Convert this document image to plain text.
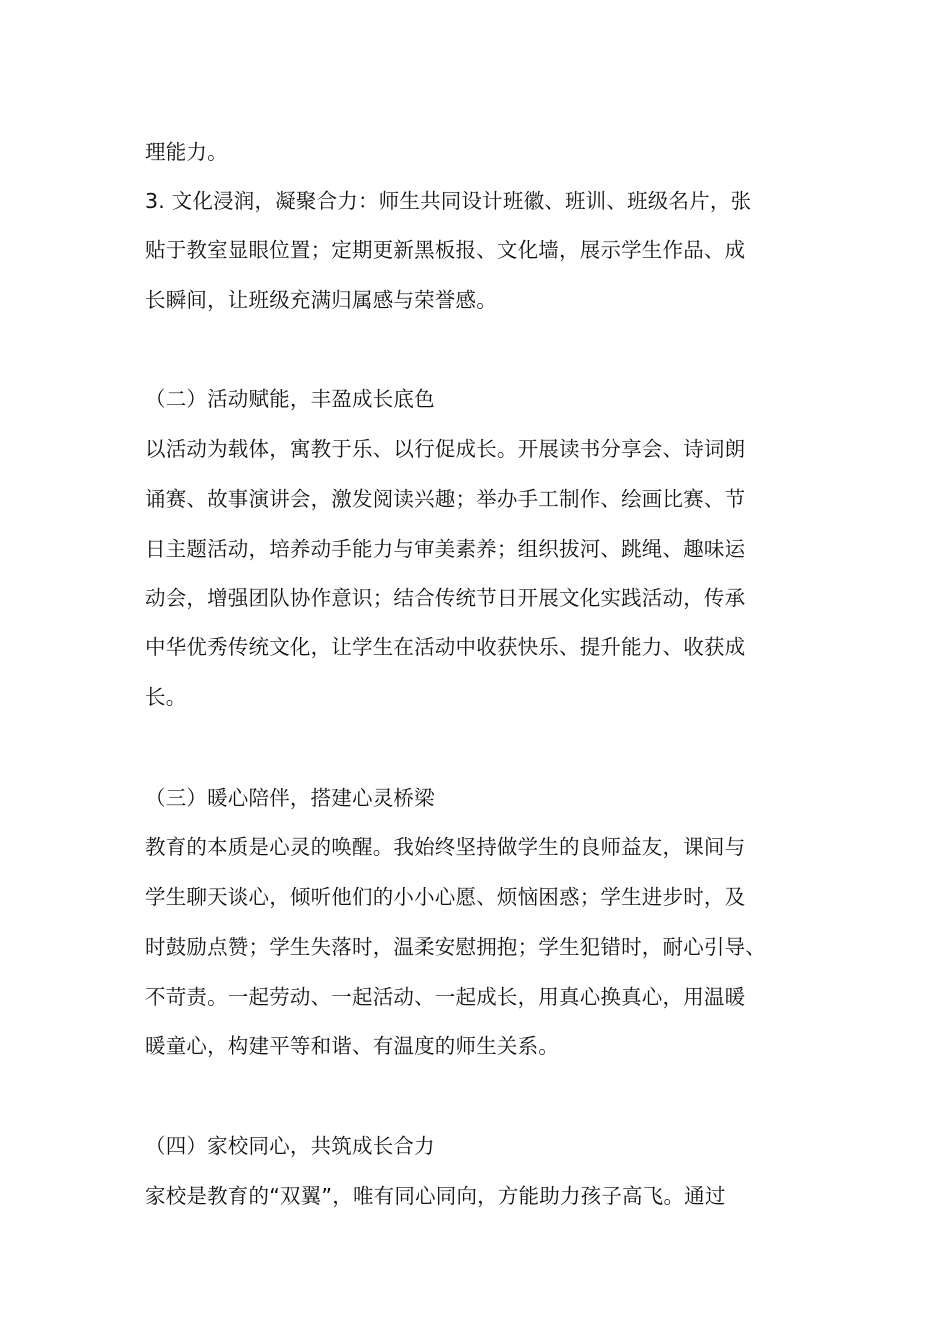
理能力。
3. 文化浸润，凝聚合力：师生共同设计班徽、班训、班级名片，张
贴于教室显眼位置；定期更新黑板报、文化墙，展示学生作品、成
长瞬间，让班级充满归属感与荣誉感。
（二）活动赋能，丰盈成长底色
以活动为载体，寓教于乐、以行促成长。开展读书分享会、诗词朗
诵赛、故事演讲会，激发阅读兴趣；举办手工制作、绘画比赛、节
日主题活动，培养动手能力与审美素养；组织拔河、跳绳、趣味运
动会，增强团队协作意识；结合传统节日开展文化实践活动，传承
中华优秀传统文化，让学生在活动中收获快乐、提升能力、收获成
长。
（三）暖心陪伴，搭建心灵桥梁
教育的本质是心灵的唤醒。我始终坚持做学生的良师益友，课间与
学生聊天谈心，倾听他们的小小心愿、烦恼困惑；学生进步时，及
时鼓励点赞；学生失落时，温柔安慰拥抱；学生犯错时，耐心引导、
不苛责。一起劳动、一起活动、一起成长，用真心换真心，用温暖
暖童心，构建平等和谐、有温度的师生关系。
（四）家校同心，共筑成长合力
家校是教育的“双翼”，唯有同心同向，方能助力孩子高飞。通过
